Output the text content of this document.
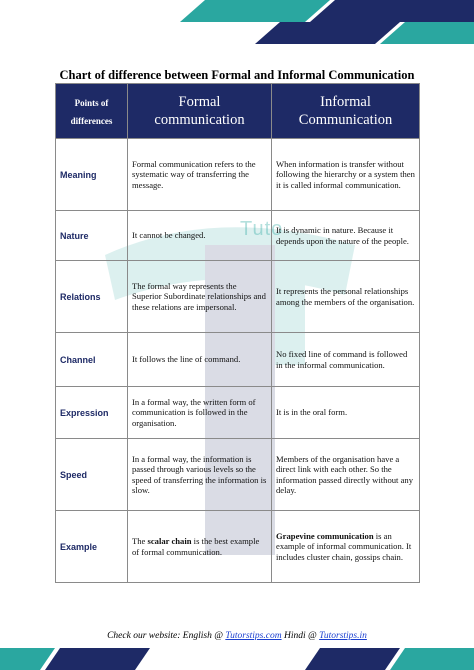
Tuto
Chart of difference between Formal and Informal Communication
Points of differences	Formal communication	Informal Communication
Meaning	Formal communication refers to the systematic way of transferring the message.	When information is transfer without following the hierarchy or a system then it is called informal communication.
Nature	It cannot be changed.	It is dynamic in nature. Because it depends upon the nature of the people.
Relations	The formal way represents the Superior Subordinate relationships and these relations are impersonal.	It represents the personal relationships among the members of the organisation.
Channel	It follows the line of command.	No fixed line of command is followed in the informal communication.
Expression	In a formal way, the written form of communication is followed in the organisation.	It is in the oral form.
Speed	In a formal way, the information is passed through various levels so the speed of transferring the information is slow.	Members of the organisation have a direct link with each other. So the information passed directly without any delay.
Example	The scalar chain is the best example of formal communication.	Grapevine communication is an example of informal communication. It includes cluster chain, gossips chain.
Check our website: English @ Tutorstips.com Hindi @ Tutorstips.in
